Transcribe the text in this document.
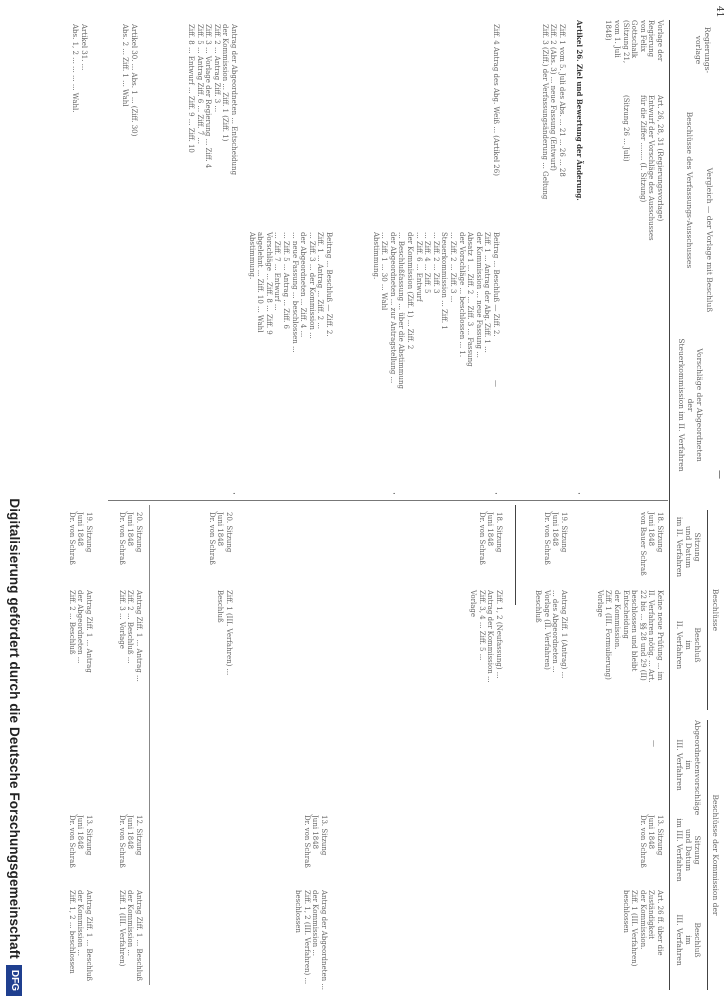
41
—
Regierungs-
vorlage
Vergleich — der Vorlage mit Beschluß
Beschlüsse des Verfassungs-Ausschusses
Vorschläge der Abgeordneten
der
Steuerkommission im II. Verfahren
Beschlüsse
Sitzung
und Datum
im II. Verfahren
Beschluß
im
II. Verfahren
Beschlüsse der Kommission der
Abgeordnetenvorschläge
im
III. Verfahren
Sitzung
und Datum
im III. Verfahren
Beschluß
im
III. Verfahren
Vorlage der Regierung
von Felix Gottschalk
(Sitzung 21,
vom 1. Juli
1848)
Art. 26, 28, 31 (Regierungsvorlage)
Entwurf der Vorschläge des Ausschusses
für die Ziffer ........ (I. Sitzung)

(Sitzung 26 ... Juli)
18. Sitzung
Juni 1848
von Bauer Schraß
Keine neue Prüfung ... im
II. Verfahren nötig. ... Art.
22 bis ... §§ 28 und 29 (II)
beschlossen und bleibt Entscheidung
der Kommission.
Ziff. 1 (III. Formulierung)
Vorlage
—
13. Sitzung
Juni 1848
Dr. von Schraß
Art. 26 ff. über die Zuständigkeit
der Kommission.
Ziff. 1 (III. Verfahren)
beschlossen
Artikel 26. Ziel und Bewertung der Änderung.
Ziff. 1 vom 5. Juli des Abs. ... 21 ... 26 ... 28
Ziff. 2 (Abs. 3) ... neue Fassung (Entwurf)
Ziff. 3 (Ziff.) der Verfassungsänderung ... Geltung
Ziff. 4 Antrag des Abg. Weiß ... (Artikel 26)
Antrag der Abgeordneten ... Entscheidung
der Kommission ... Ziff. 1 (Ziff. 1)
Ziff. 2 ... Antrag Ziff. 3 ...
Ziff. 3 ... Vorlage der Regierung ... Ziff. 4
Ziff. 5 ... Antrag Ziff. 6 ... Ziff. 7 ...
Ziff. 8 ... Entwurf ... Ziff. 9 ... Ziff. 10
Artikel 30. ... Abs. 1 ... (Ziff. 30)
Abs. 2 ... Ziff. 1 ... Wahl
Artikel 31. ...
Abs. 1, 2 ... ... ... ... Wahl.
Beitrag ... Beschluß — Ziff. 2.
Ziff. 1 ... Antrag der Abg. Ziff. 1 ...
der Kommission ... neue Fassung ...
Absatz 1 ... Ziff. 2 ... Ziff. 3 ... Fassung
der Vorschläge ... beschlossen ... 1.
... Ziff. 2 ... Ziff. 3 ...
Steuerkommission ... Ziff. 1
... Ziff. 2 ... Ziff. 3
... Ziff. 4 ... Ziff. 5
... Ziff. 6 ... Entwurf
der Kommission (Ziff. 1) ... Ziff. 2
... Beschlußfassung ... über die Abstimmung
der Abgeordneten ... zur Antragstellung ...
... Ziff. 1 ... 30 ... Wahl
Abstimmung.
—
Beitrag ... Beschluß — Ziff. 2.
Ziff. 1 ... Antrag ... Ziff. 2 ...
... Ziff. 3 ... der Kommission ...
der Abgeordneten ... Ziff. 4 ...
... neue Fassung ... beschlossen ...
... Ziff. 5 ... Antrag ... Ziff. 6
... Ziff. 7 ... Entwurf ...
Vorschläge ... Ziff. 8 ... Ziff. 9
abgelehnt ... Ziff. 10 ... Wahl
Abstimmung.
·
·
·
·
19. Sitzung
Juni 1848
Dr. von Schraß
Antrag Ziff. 1 (Antrag) ...
... des Abgeordneten ...
Vorlage (II. Verfahren)
Beschluß
18. Sitzung
Juni 1848
Dr. von Schraß
Ziff. 1, 2 (Neufassung) ...
Antrag der Kommission ...
Ziff. 3, 4 ... Ziff. 5 ...
Vorlage
13. Sitzung
Juni 1848
Dr. von Schraß
Antrag der Abgeordneten ...
der Kommission ...
Ziff. 1, 2 (III. Verfahren) ...
beschlossen
20. Sitzung
Juni 1848
Dr. von Schraß
Ziff. 1 (III. Verfahren) ...
Beschluß
20. Sitzung
Juni 1848
Dr. von Schraß
Antrag Ziff. 1 ... Antrag ...
Ziff. 2 ... Beschluß ...
Ziff. 3 ... Vorlage
12. Sitzung
Juni 1848
Dr. von Schraß
Antrag Ziff. 1 ... Beschluß
der Kommission ...
Ziff. 1 (III. Verfahren)
19. Sitzung
Juni 1848
Dr. von Schraß
Antrag Ziff. 1 ... Antrag
der Abgeordneten ...
Ziff. 2 ... Beschluß
13. Sitzung
Juni 1848
Dr. von Schraß
Antrag Ziff. 1 ... Beschluß
der Kommission ...
Ziff. 1, 2 ... beschlossen
Digitalisierung gefördert durch die Deutsche Forschungsgemeinschaft
DFG
